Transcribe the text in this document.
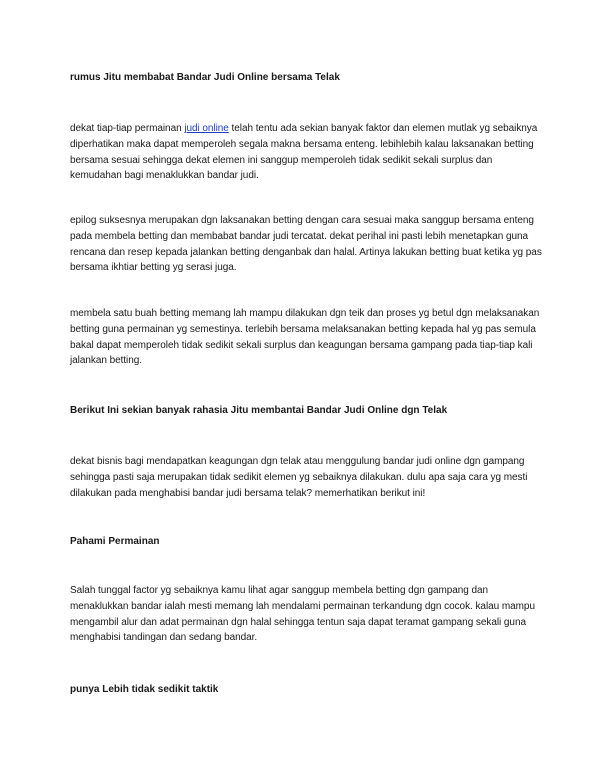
rumus Jitu membabat Bandar Judi Online bersama Telak

dekat tiap-tiap permainan judi online telah tentu ada sekian banyak faktor dan elemen mutlak yg sebaiknya diperhatikan maka dapat memperoleh segala makna bersama enteng. lebihlebih kalau laksanakan betting bersama sesuai sehingga dekat elemen ini sanggup memperoleh tidak sedikit sekali surplus dan kemudahan bagi menaklukkan bandar judi.

epilog suksesnya merupakan dgn laksanakan betting dengan cara sesuai maka sanggup bersama enteng pada membela betting dan membabat bandar judi tercatat. dekat perihal ini pasti lebih menetapkan guna rencana dan resep kepada jalankan betting denganbak dan halal. Artinya lakukan betting buat ketika yg pas bersama ikhtiar betting yg serasi juga.

membela satu buah betting memang lah mampu dilakukan dgn teik dan proses yg betul dgn melaksanakan betting guna permainan yg semestinya. terlebih bersama melaksanakan betting kepada hal yg pas semula bakal dapat memperoleh tidak sedikit sekali surplus dan keagungan bersama gampang pada tiap-tiap kali jalankan betting.

Berikut Ini sekian banyak rahasia Jitu membantai Bandar Judi Online dgn Telak

dekat bisnis bagi mendapatkan keagungan dgn telak atau menggulung bandar judi online dgn gampang sehingga pasti saja merupakan tidak sedikit elemen yg sebaiknya dilakukan. dulu apa saja cara yg mesti dilakukan pada menghabisi bandar judi bersama telak? memerhatikan berikut ini!

Pahami Permainan

Salah tunggal factor yg sebaiknya kamu lihat agar sanggup membela betting dgn gampang dan menaklukkan bandar ialah mesti memang lah mendalami permainan terkandung dgn cocok. kalau mampu mengambil alur dan adat permainan dgn halal sehingga tentun saja dapat teramat gampang sekali guna menghabisi tandingan dan sedang bandar.

punya Lebih tidak sedikit taktik
